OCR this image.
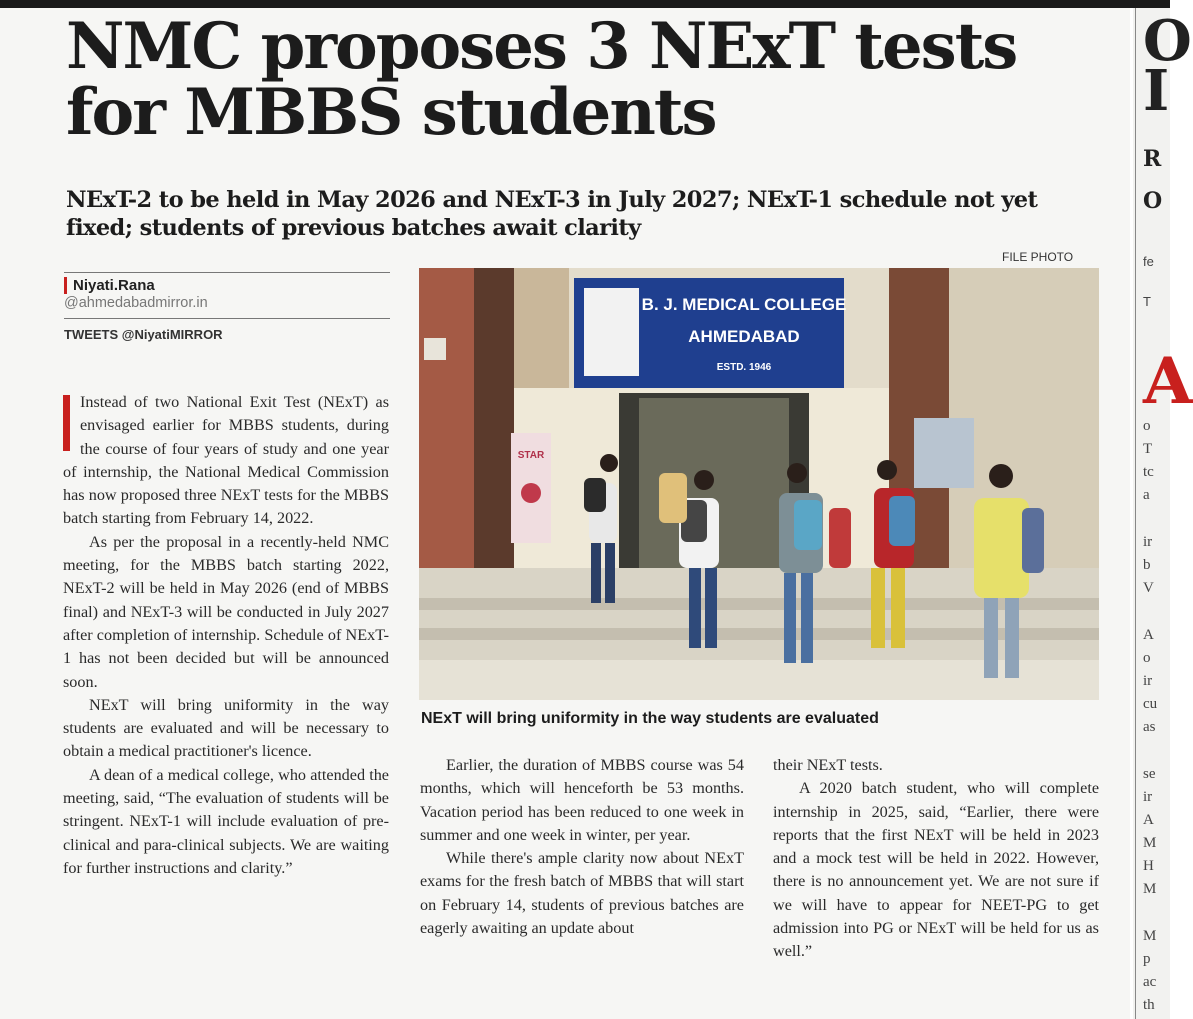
NMC proposes 3 NExT tests for MBBS students
NExT-2 to be held in May 2026 and NExT-3 in July 2027; NExT-1 schedule not yet fixed; students of previous batches await clarity
Niyati.Rana
@ahmedabadmirror.in
TWEETS @NiyatiMIRROR

Instead of two National Exit Test (NExT) as envisaged earlier for MBBS students, during the course of four years of study and one year of internship, the National Medical Commission has now proposed three NExT tests for the MBBS batch starting from February 14, 2022.

As per the proposal in a recently-held NMC meeting, for the MBBS batch starting 2022, NExT-2 will be held in May 2026 (end of MBBS final) and NExT-3 will be conducted in July 2027 after completion of internship. Schedule of NExT-1 has not been decided but will be announced soon.

NExT will bring uniformity in the way students are evaluated and will be necessary to obtain a medical practitioner's licence.

A dean of a medical college, who attended the meeting, said, “The evaluation of students will be stringent. NExT-1 will include evaluation of pre-clinical and para-clinical subjects. We are waiting for further instructions and clarity.”

FILE PHOTO
B. J. MEDICAL COLLEGE
AHMEDABAD
ESTD. 1946
STAR
NExT will bring uniformity in the way students are evaluated

Earlier, the duration of MBBS course was 54 months, which will henceforth be 53 months. Vacation period has been reduced to one week in summer and one week in winter, per year.

While there's ample clarity now about NExT exams for the fresh batch of MBBS that will start on February 14, students of previous batches are eagerly awaiting an update about

their NExT tests.

A 2020 batch student, who will complete internship in 2025, said, “Earlier, there were reports that the first NExT will be held in 2023 and a mock test will be held in 2022. However, there is no announcement yet. We are not sure if we will have to appear for NEET-PG to get admission into PG or NExT will be held for us as well.”

O
I
R
O
fe
T
A
o
T
tc
a
ir
b
V
A
o
ir
cu
as
se
ir
A
M
H
M
M
p
ac
th
